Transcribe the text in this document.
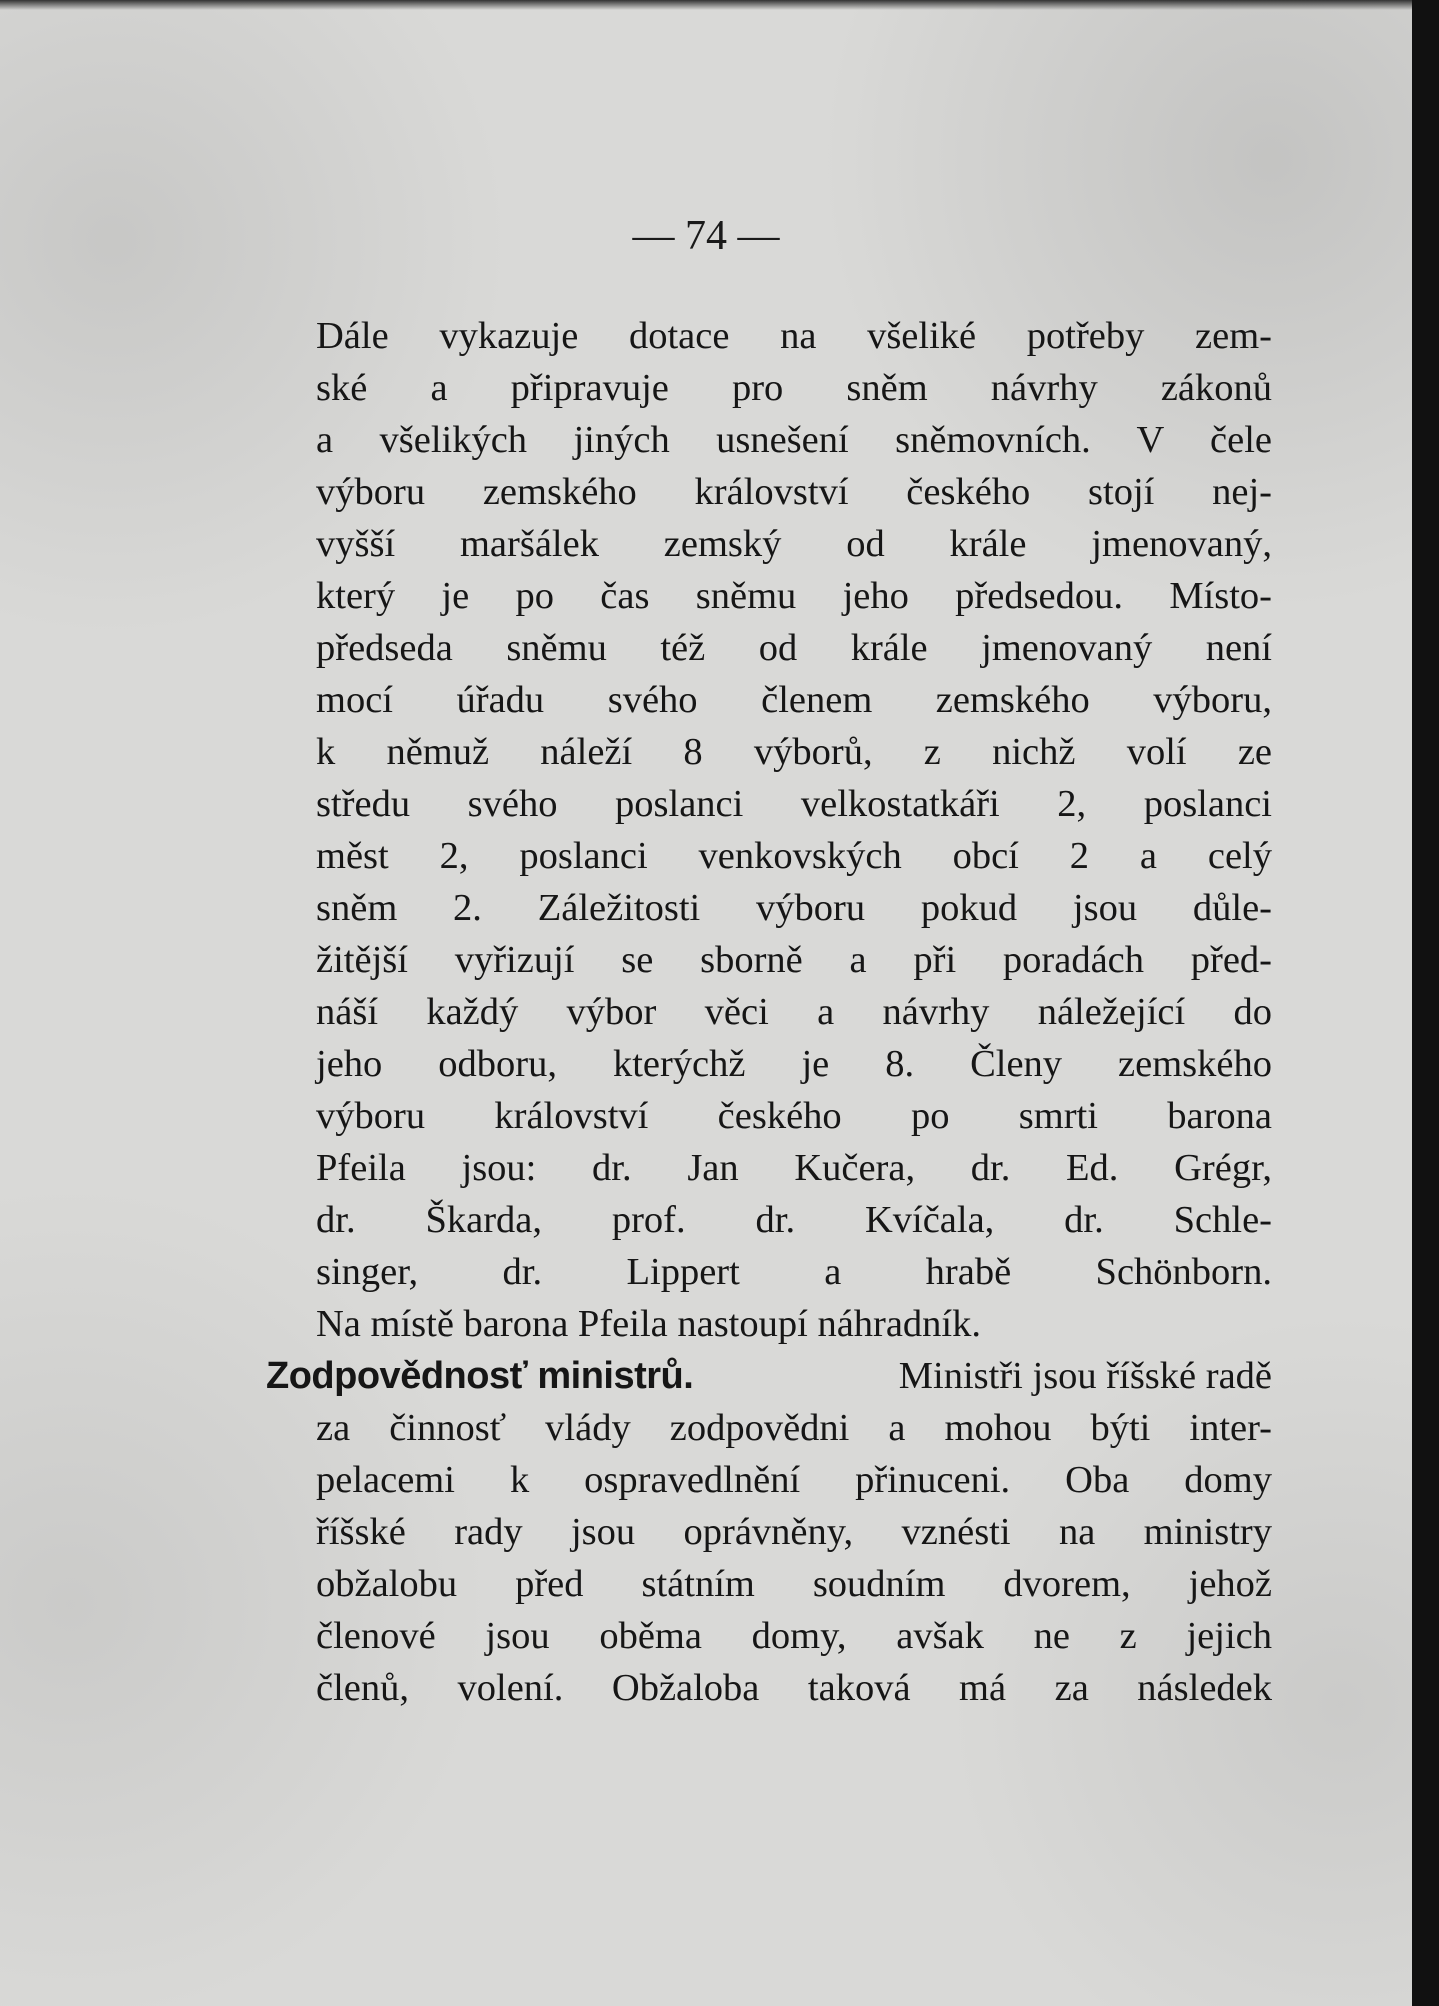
— 74 —
Dále vykazuje dotace na všeliké potřeby zem-
ské a připravuje pro sněm návrhy zákonů
a všelikých jiných usnešení sněmovních. V čele
výboru zemského království českého stojí nej-
vyšší maršálek zemský od krále jmenovaný,
který je po čas sněmu jeho předsedou. Místo-
předseda sněmu též od krále jmenovaný není
mocí úřadu svého členem zemského výboru,
k němuž náleží 8 výborů, z nichž volí ze
středu svého poslanci velkostatkáři 2, poslanci
měst 2, poslanci venkovských obcí 2 a celý
sněm 2. Záležitosti výboru pokud jsou důle-
žitější vyřizují se sborně a při poradách před-
náší každý výbor věci a návrhy náležející do
jeho odboru, kterýchž je 8. Členy zemského
výboru království českého po smrti barona
Pfeila jsou: dr. Jan Kučera, dr. Ed. Grégr,
dr. Škarda, prof. dr. Kvíčala, dr. Schle-
singer, dr. Lippert a hrabě Schönborn.
Na místě barona Pfeila nastoupí náhradník.
Zodpovědnosť ministrů.	Ministři jsou říšské radě
za činnosť vlády zodpovědni a mohou býti inter-
pelacemi k ospravedlnění přinuceni. Oba domy
říšské rady jsou oprávněny, vznésti na ministry
obžalobu před státním soudním dvorem, jehož
členové jsou oběma domy, avšak ne z jejich
členů, volení. Obžaloba taková má za následek
